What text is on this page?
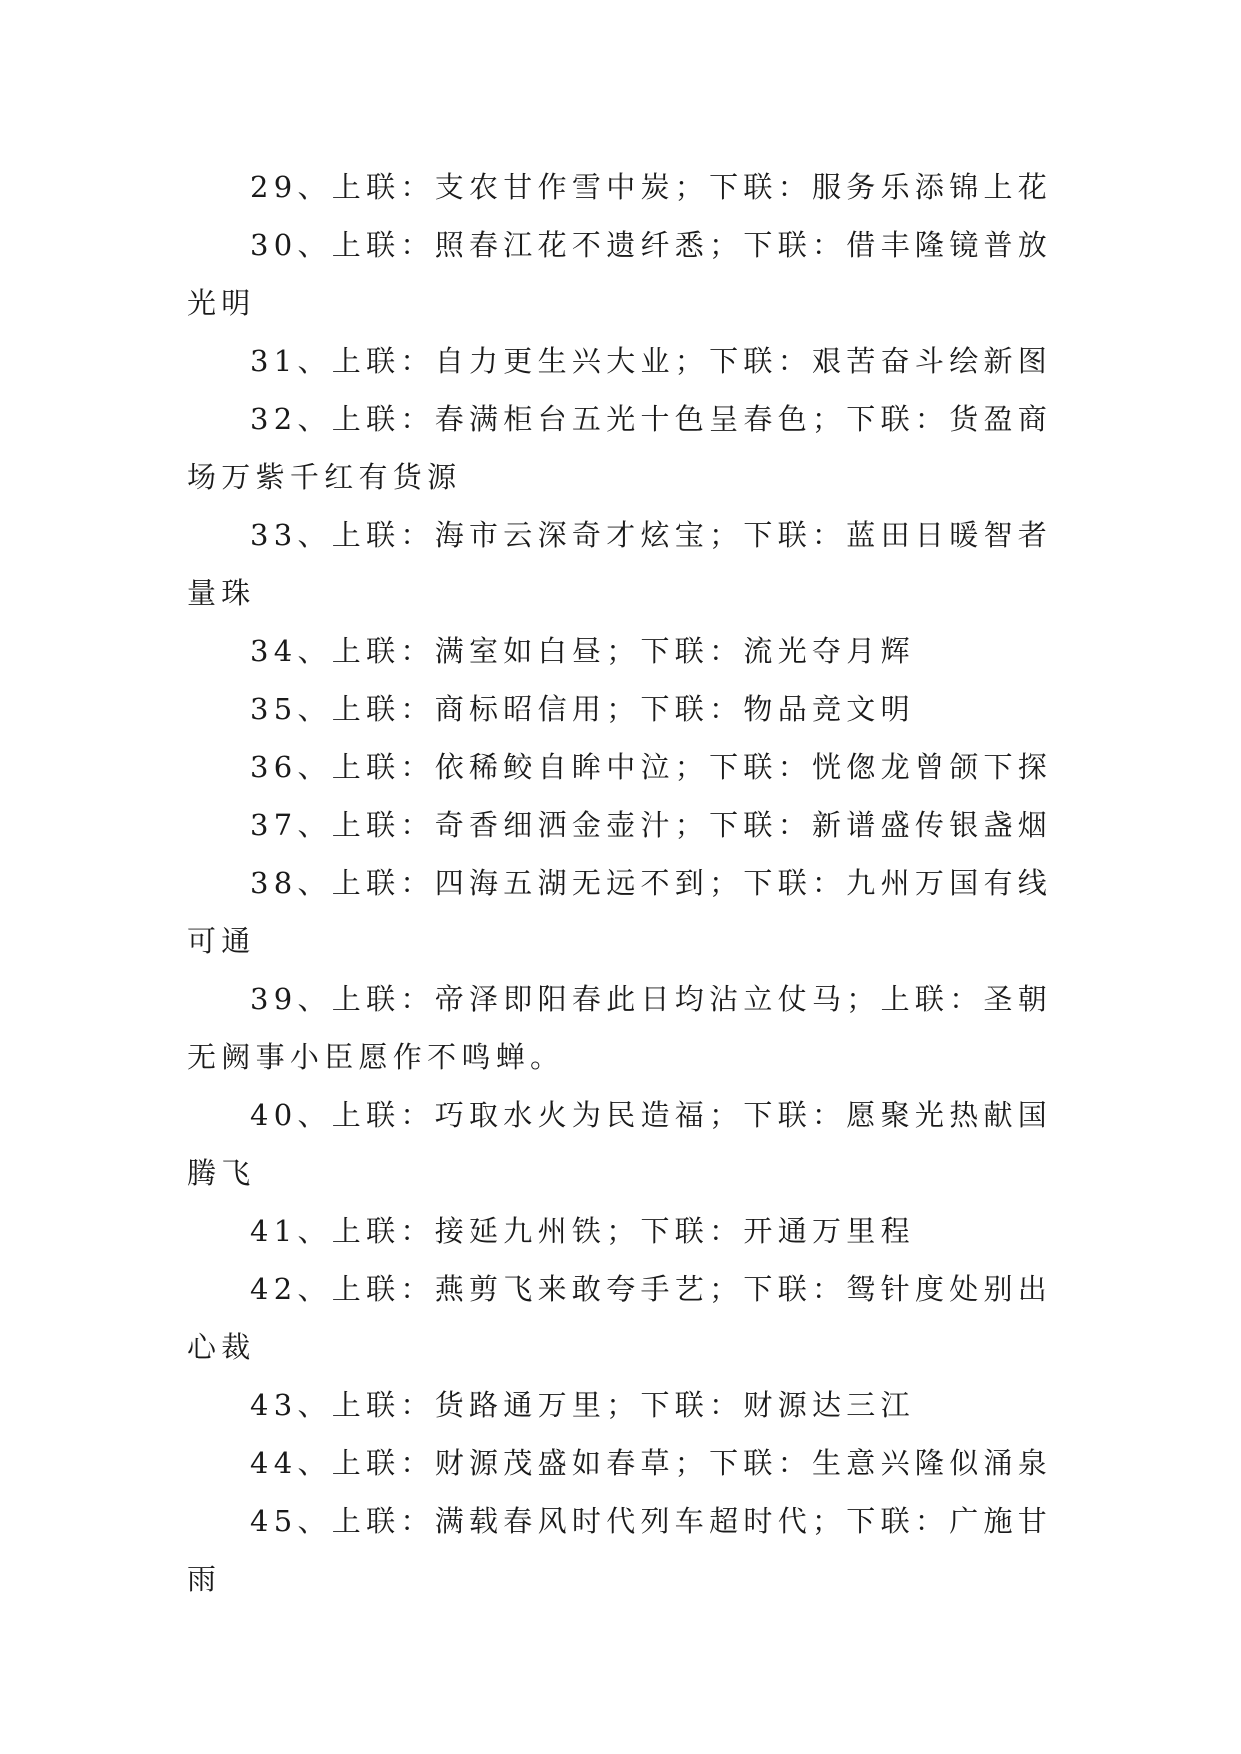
29、上联：支农甘作雪中炭；下联：服务乐添锦上花

30、上联：照春江花不遗纤悉；下联：借丰隆镜普放光明

31、上联：自力更生兴大业；下联：艰苦奋斗绘新图

32、上联：春满柜台五光十色呈春色；下联：货盈商场万紫千红有货源

33、上联：海市云深奇才炫宝；下联：蓝田日暖智者量珠

34、上联：满室如白昼；下联：流光夺月辉

35、上联：商标昭信用；下联：物品竞文明

36、上联：依稀鲛自眸中泣；下联：恍偬龙曾颌下探

37、上联：奇香细洒金壶汁；下联：新谱盛传银盏烟

38、上联：四海五湖无远不到；下联：九州万国有线可通

39、上联：帝泽即阳春此日均沾立仗马；上联：圣朝无阙事小臣愿作不鸣蝉。

40、上联：巧取水火为民造福；下联：愿聚光热献国腾飞

41、上联：接延九州铁；下联：开通万里程

42、上联：燕剪飞来敢夸手艺；下联：鸳针度处别出心裁

43、上联：货路通万里；下联：财源达三江

44、上联：财源茂盛如春草；下联：生意兴隆似涌泉

45、上联：满载春风时代列车超时代；下联：广施甘雨
